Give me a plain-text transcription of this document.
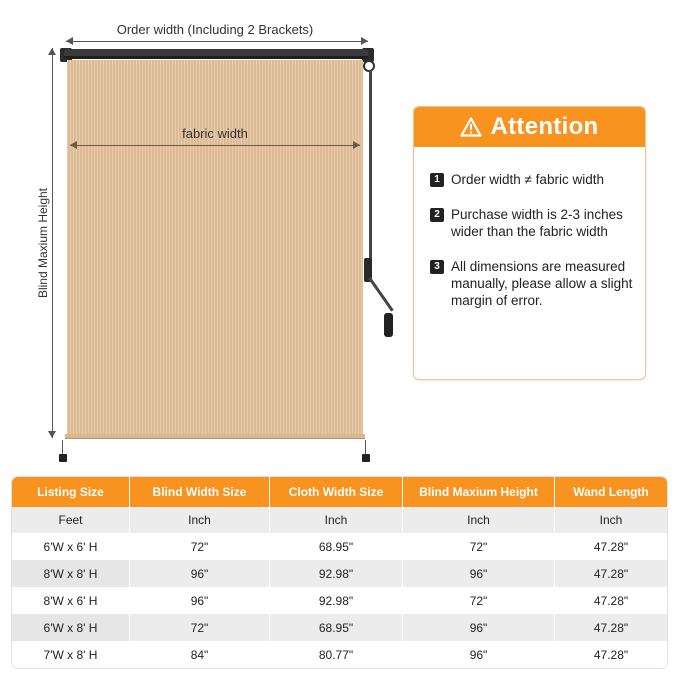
Order width (Including 2 Brackets)
fabric width
Blind Maxium Height
Attention
1 Order width ≠ fabric width
2 Purchase width is 2-3 inches wider than the fabric width
3 All dimensions are measured manually, please allow a slight margin of error.
Listing Size	Blind Width Size	Cloth Width Size	Blind Maxium Height	Wand Length
Feet	Inch	Inch	Inch	Inch
6'W x 6' H	72"	68.95"	72"	47.28"
8'W x 8' H	96"	92.98"	96"	47.28"
8'W x 6' H	96"	92.98"	72"	47.28"
6'W x 8' H	72"	68.95"	96"	47.28"
7'W x 8' H	84"	80.77"	96"	47.28"
